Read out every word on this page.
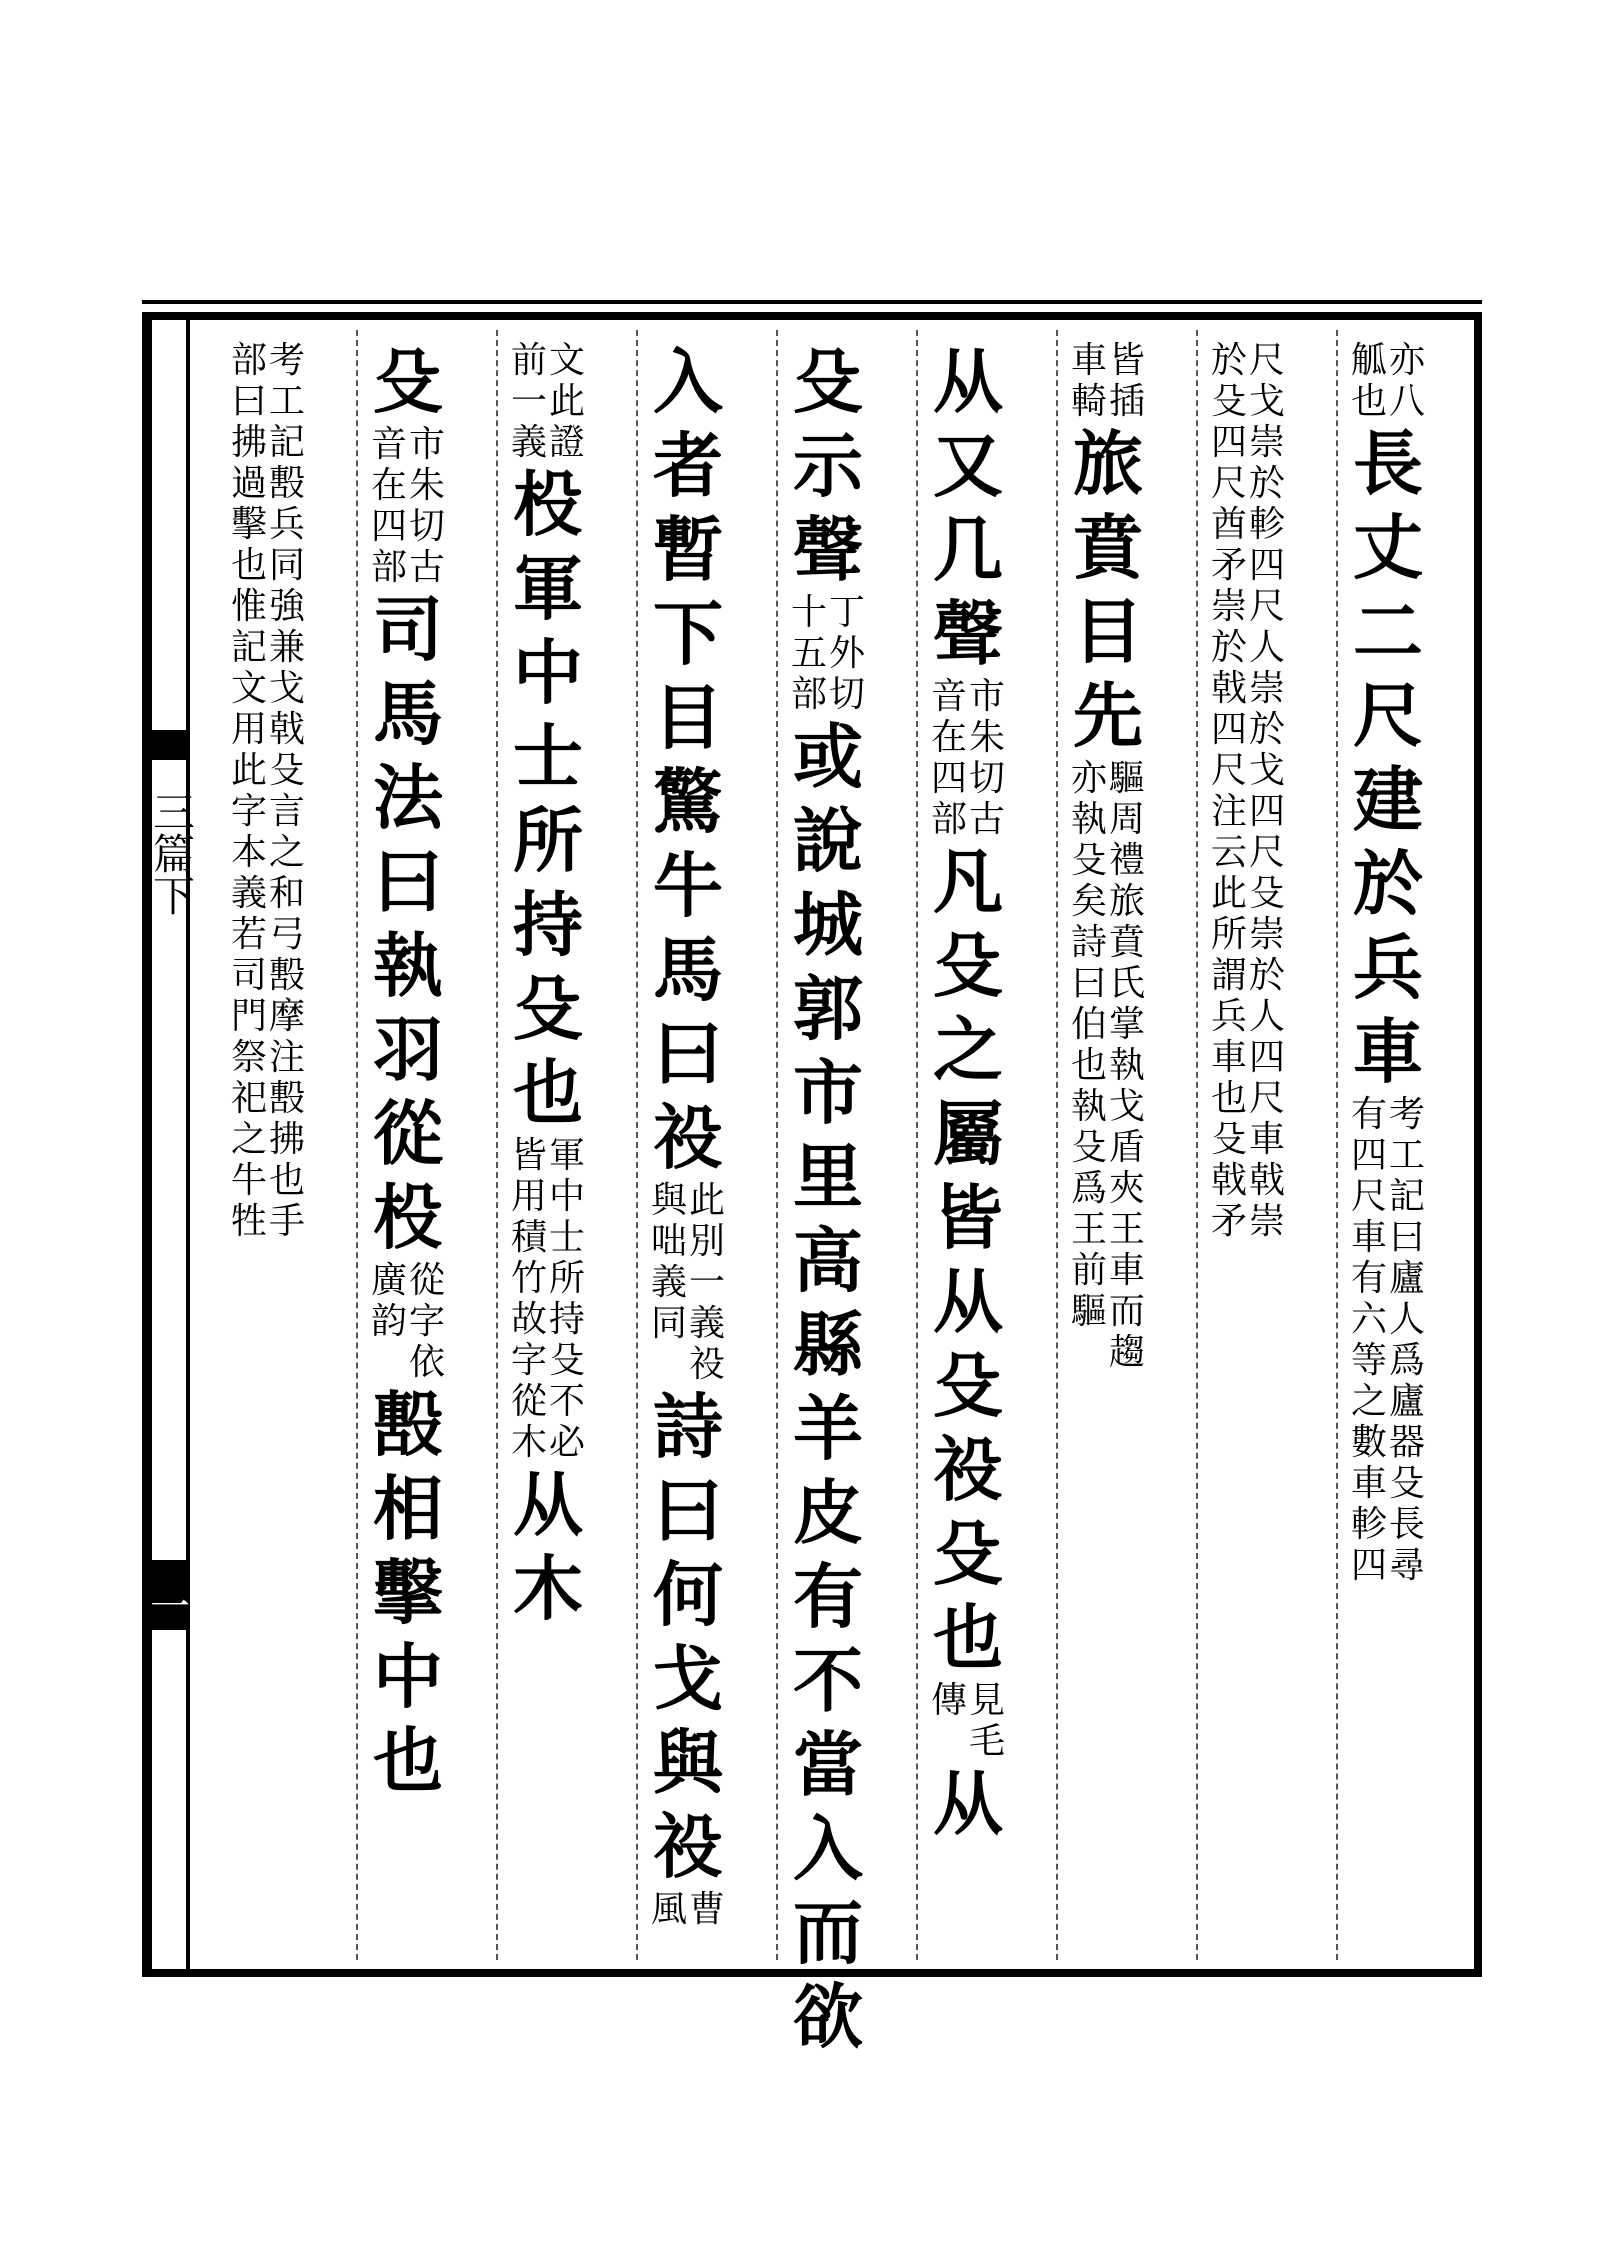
三篇下
一
亦
八
觚
也
長
丈
二
尺
建
於
兵
車
考
工
記
曰
廬
人
爲
廬
器
殳
長
尋
有
四
尺
車
有
六
等
之
數
車
軫
四
尺
戈
崇
於
軫
四
尺
人
崇
於
戈
四
尺
殳
崇
於
人
四
尺
車
戟
崇
於
殳
四
尺
酋
矛
崇
於
戟
四
尺
注
云
此
所
謂
兵
車
也
殳
戟
矛
皆
插
車
輢
旅
賁
目
先
驅
周
禮
旅
賁
氏
掌
執
戈
盾
夾
王
車
而
趨
亦
執
殳
矣
詩
曰
伯
也
執
殳
爲
王
前
驅
从
又
几
聲
市
朱
切
古
音
在
四
部
凡
殳
之
屬
皆
从
殳
祋
殳
也
見
毛
傳
从
殳
示
聲
丁
外
切
十
五
部
或
說
城
郭
市
里
高
縣
羊
皮
有
不
當
入
而
欲
入
者
暫
下
目
驚
牛
馬
曰
祋
此
別
一
義
祋
與
咄
義
同
詩
曰
何
戈
與
祋
曹
風
文
此
證
前
一
義
杸
軍
中
士
所
持
殳
也
軍
中
士
所
持
殳
不
必
皆
用
積
竹
故
字
從
木
从
木
殳
市
朱
切
古
音
在
四
部
司
馬
法
曰
執
羽
從
杸
從
字
依
廣
韵
毄
相
擊
中
也
考
工
記
毄
兵
同
強
兼
戈
戟
殳
言
之
和
弓
毄
摩
注
毄
拂
也
手
部
曰
拂
過
擊
也
惟
記
文
用
此
字
本
義
若
司
門
祭
祀
之
牛
牲
